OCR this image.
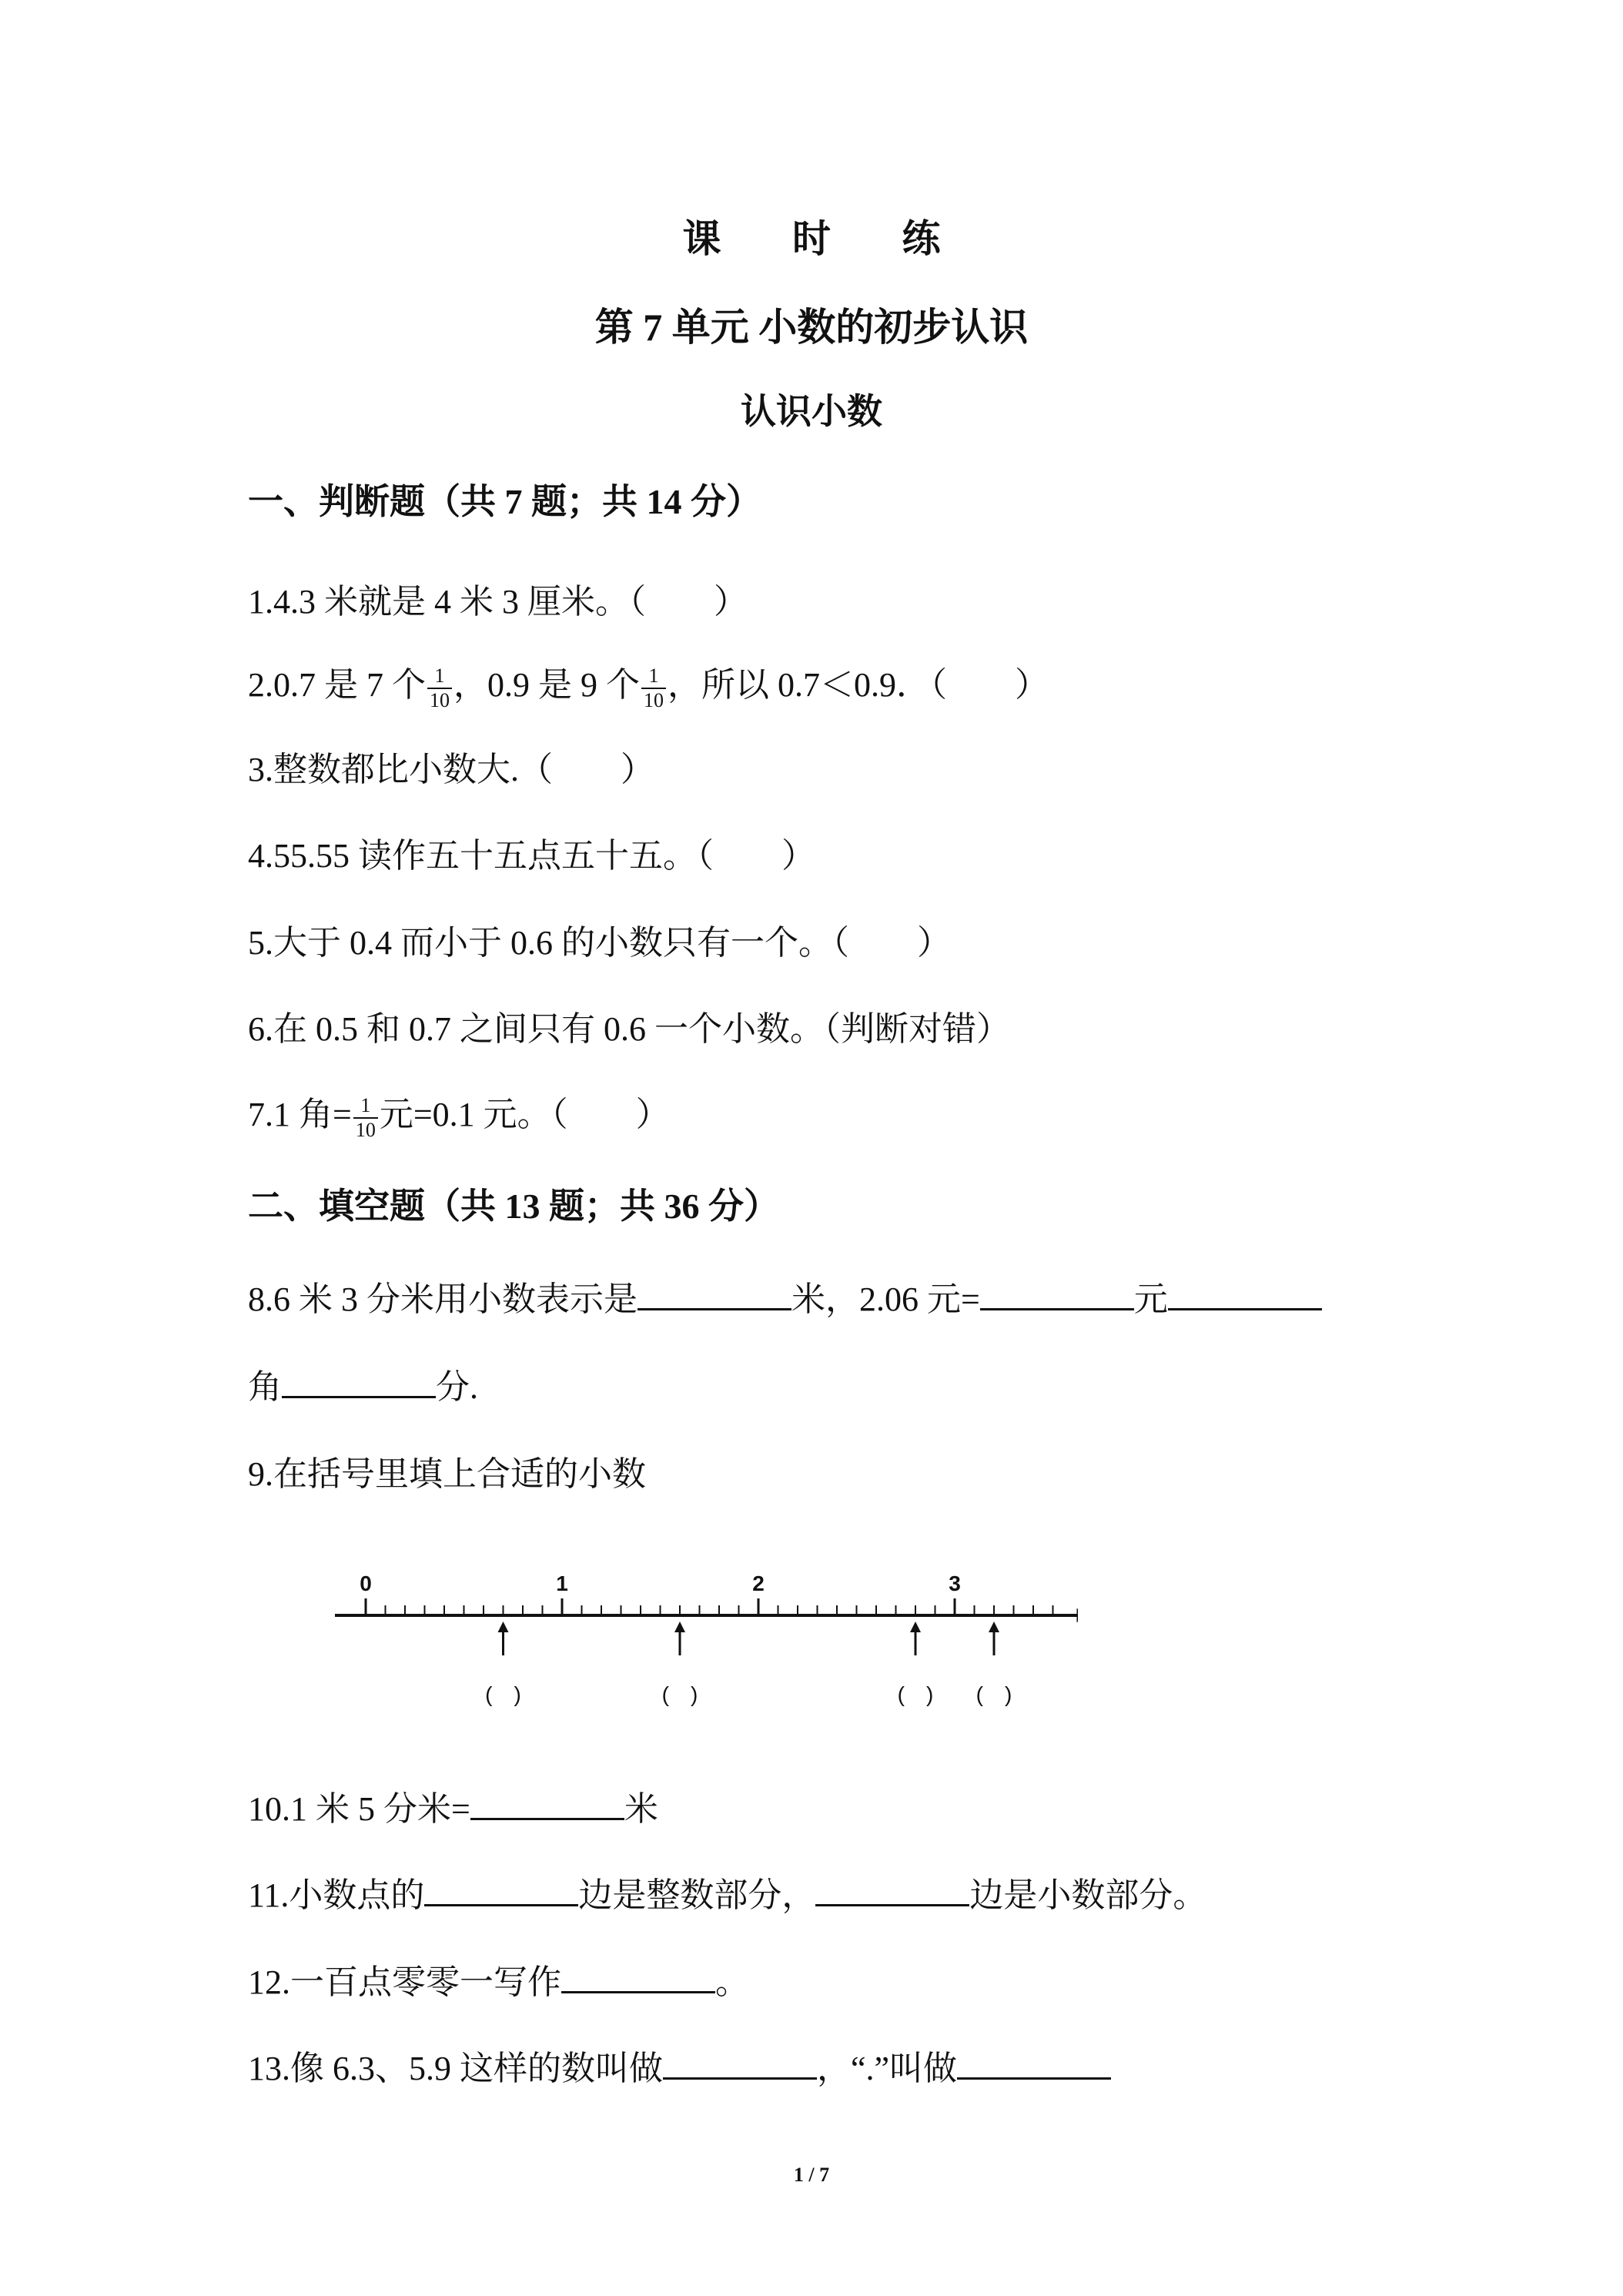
课 时 练
第 7 单元 小数的初步认识
认识小数
一、判断题（共 7 题；共 14 分）
1.4.3 米就是 4 米 3 厘米。（　　）
2.0.7 是 7 个 $\frac{1}{10}$ ，0.9 是 9 个 $\frac{1}{10}$ ，所以 0.7＜0.9．（　　）
3.整数都比小数大.（　　）
4.55.55 读作五十五点五十五。（　　）
5.大于 0.4 而小于 0.6 的小数只有一个。（　　）
6.在 0.5 和 0.7 之间只有 0.6 一个小数。（判断对错）
7.1 角= $\frac{1}{10}$ 元=0.1 元。（　　）
二、填空题（共 13 题；共 36 分）
8.6 米 3 分米用小数表示是	米，2.06 元=	元
角	分.
9.在括号里填上合适的小数
0	1	2	3
(　)	(　)	(　) (　)
10.1 米 5 分米=	米
11.小数点的	边是整数部分，	边是小数部分。
12.一百点零零一写作	。
13.像 6.3、5.9 这样的数叫做	，“.”叫做
1 / 7
